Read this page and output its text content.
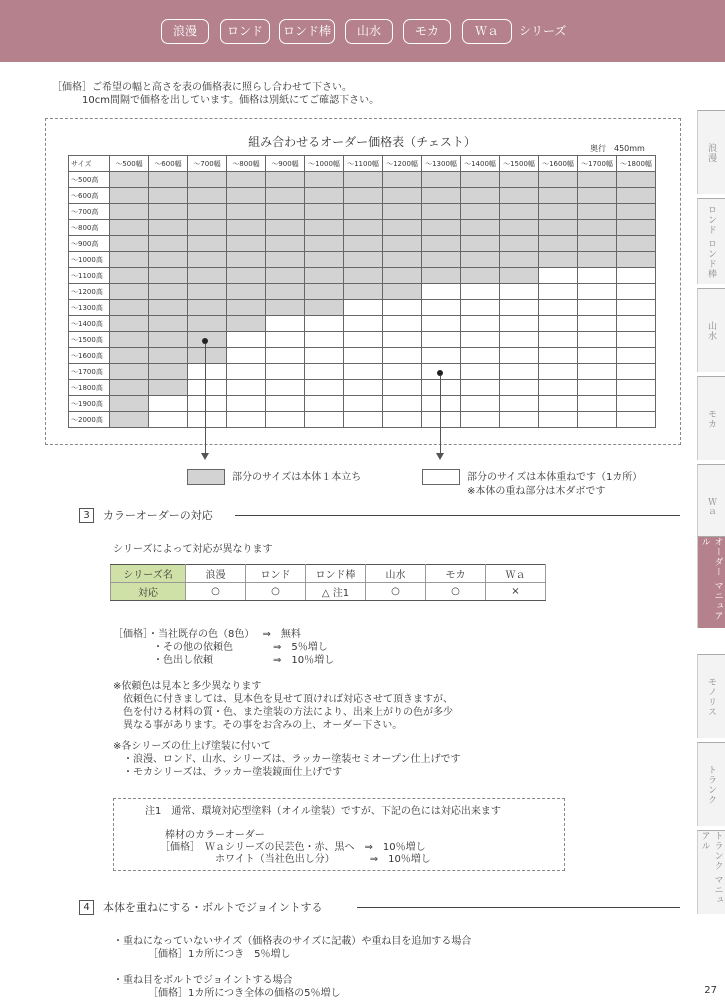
浪漫	ロンド	ロンド棒	山水	モカ	Ｗａ	シリーズ
浪漫
ロンド ロンド棒
山水
モカ
Ｗａ
オーダー マニュアル
モノリス
トランク
トランク マニュアル
［価格］ご希望の幅と高さを表の価格表に照らし合わせて下さい。
　　　10cm間隔で価格を出しています。価格は別紙にてご確認下さい。
組み合わせるオーダー価格表（チェスト）	奥行　450mm
サイズ	～500幅	～600幅	～700幅	～800幅	～900幅	～1000幅	～1100幅	～1200幅	～1300幅	～1400幅	～1500幅	～1600幅	～1700幅	～1800幅
～500高														
～600高														
～700高														
～800高														
～900高														
～1000高														
～1100高														
～1200高														
～1300高														
～1400高														
～1500高														
～1600高														
～1700高														
～1800高														
～1900高														
～2000高														
部分のサイズは本体１本立ち	部分のサイズは本体重ねです（1カ所）
※本体の重ね部分は木ダボです
3	カラーオーダーの対応
シリーズによって対応が異なります
シリーズ名	浪漫	ロンド	ロンド棒	山水	モカ	Ｗａ
対応	○	○	△ 注1	○	○	×
［価格］・当社既存の色（8色）　 ⇒　無料
　　　　・その他の依頼色　　　　⇒　5％増し
　　　　・色出し依頼　　　　　　⇒　10％増し
※依頼色は見本と多少異なります
　依頼色に付きましては、見本色を見せて頂ければ対応させて頂きますが、
　色を付ける材料の質・色、また塗装の方法により、出来上がりの色が多少
　異なる事があります。その事をお含みの上、オーダー下さい。
※各シリーズの仕上げ塗装に付いて
　・浪漫、ロンド、山水、シリーズは、ラッカー塗装セミオープン仕上げです
　・モカシリーズは、ラッカー塗装鏡面仕上げです
注1　通常、環境対応型塗料（オイル塗装）ですが、下記の色には対応出来ます

　　棒材のカラーオーダー
　　［価格］　Ｗａシリーズの民芸色・赤、黒へ　⇒　10％増し
　　　　　　　ホワイト（当社色出し分）　　　　⇒　10％増し
4	本体を重ねにする・ボルトでジョイントする
・重ねになっていないサイズ（価格表のサイズに記載）や重ね目を追加する場合
　　　　［価格］1カ所につき　5％増し

・重ね目をボルトでジョイントする場合
　　　　［価格］1カ所につき全体の価格の5％増し	27
